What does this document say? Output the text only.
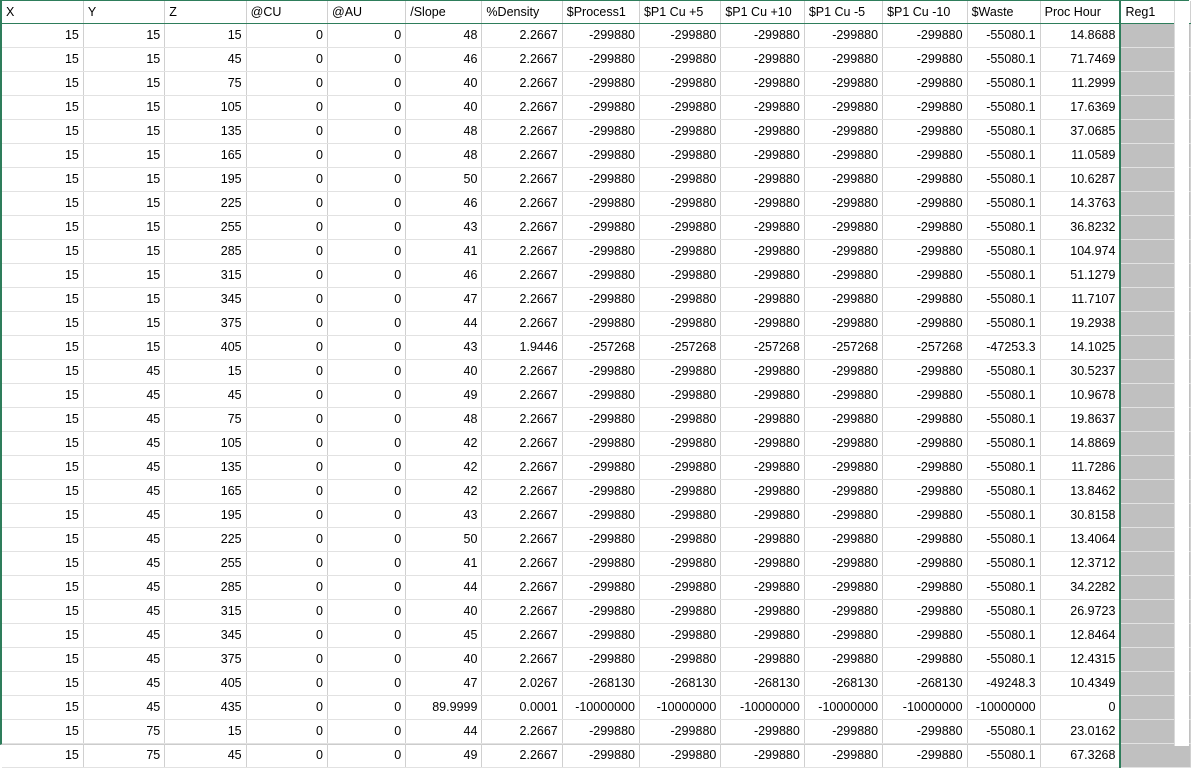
X	Y	Z	@CU	@AU	/Slope	%Density	$Process1	$P1 Cu +5	$P1 Cu +10	$P1 Cu -5	$P1 Cu -10	$Waste	Proc Hour	Reg1
15	15	15	0	0	48	2.2667	-299880	-299880	-299880	-299880	-299880	-55080.1	14.8688	
15	15	45	0	0	46	2.2667	-299880	-299880	-299880	-299880	-299880	-55080.1	71.7469	
15	15	75	0	0	40	2.2667	-299880	-299880	-299880	-299880	-299880	-55080.1	11.2999	
15	15	105	0	0	40	2.2667	-299880	-299880	-299880	-299880	-299880	-55080.1	17.6369	
15	15	135	0	0	48	2.2667	-299880	-299880	-299880	-299880	-299880	-55080.1	37.0685	
15	15	165	0	0	48	2.2667	-299880	-299880	-299880	-299880	-299880	-55080.1	11.0589	
15	15	195	0	0	50	2.2667	-299880	-299880	-299880	-299880	-299880	-55080.1	10.6287	
15	15	225	0	0	46	2.2667	-299880	-299880	-299880	-299880	-299880	-55080.1	14.3763	
15	15	255	0	0	43	2.2667	-299880	-299880	-299880	-299880	-299880	-55080.1	36.8232	
15	15	285	0	0	41	2.2667	-299880	-299880	-299880	-299880	-299880	-55080.1	104.974	
15	15	315	0	0	46	2.2667	-299880	-299880	-299880	-299880	-299880	-55080.1	51.1279	
15	15	345	0	0	47	2.2667	-299880	-299880	-299880	-299880	-299880	-55080.1	11.7107	
15	15	375	0	0	44	2.2667	-299880	-299880	-299880	-299880	-299880	-55080.1	19.2938	
15	15	405	0	0	43	1.9446	-257268	-257268	-257268	-257268	-257268	-47253.3	14.1025	
15	45	15	0	0	40	2.2667	-299880	-299880	-299880	-299880	-299880	-55080.1	30.5237	
15	45	45	0	0	49	2.2667	-299880	-299880	-299880	-299880	-299880	-55080.1	10.9678	
15	45	75	0	0	48	2.2667	-299880	-299880	-299880	-299880	-299880	-55080.1	19.8637	
15	45	105	0	0	42	2.2667	-299880	-299880	-299880	-299880	-299880	-55080.1	14.8869	
15	45	135	0	0	42	2.2667	-299880	-299880	-299880	-299880	-299880	-55080.1	11.7286	
15	45	165	0	0	42	2.2667	-299880	-299880	-299880	-299880	-299880	-55080.1	13.8462	
15	45	195	0	0	43	2.2667	-299880	-299880	-299880	-299880	-299880	-55080.1	30.8158	
15	45	225	0	0	50	2.2667	-299880	-299880	-299880	-299880	-299880	-55080.1	13.4064	
15	45	255	0	0	41	2.2667	-299880	-299880	-299880	-299880	-299880	-55080.1	12.3712	
15	45	285	0	0	44	2.2667	-299880	-299880	-299880	-299880	-299880	-55080.1	34.2282	
15	45	315	0	0	40	2.2667	-299880	-299880	-299880	-299880	-299880	-55080.1	26.9723	
15	45	345	0	0	45	2.2667	-299880	-299880	-299880	-299880	-299880	-55080.1	12.8464	
15	45	375	0	0	40	2.2667	-299880	-299880	-299880	-299880	-299880	-55080.1	12.4315	
15	45	405	0	0	47	2.0267	-268130	-268130	-268130	-268130	-268130	-49248.3	10.4349	
15	45	435	0	0	89.9999	0.0001	-10000000	-10000000	-10000000	-10000000	-10000000	-10000000	0	
15	75	15	0	0	44	2.2667	-299880	-299880	-299880	-299880	-299880	-55080.1	23.0162	
15	75	45	0	0	49	2.2667	-299880	-299880	-299880	-299880	-299880	-55080.1	67.3268	
